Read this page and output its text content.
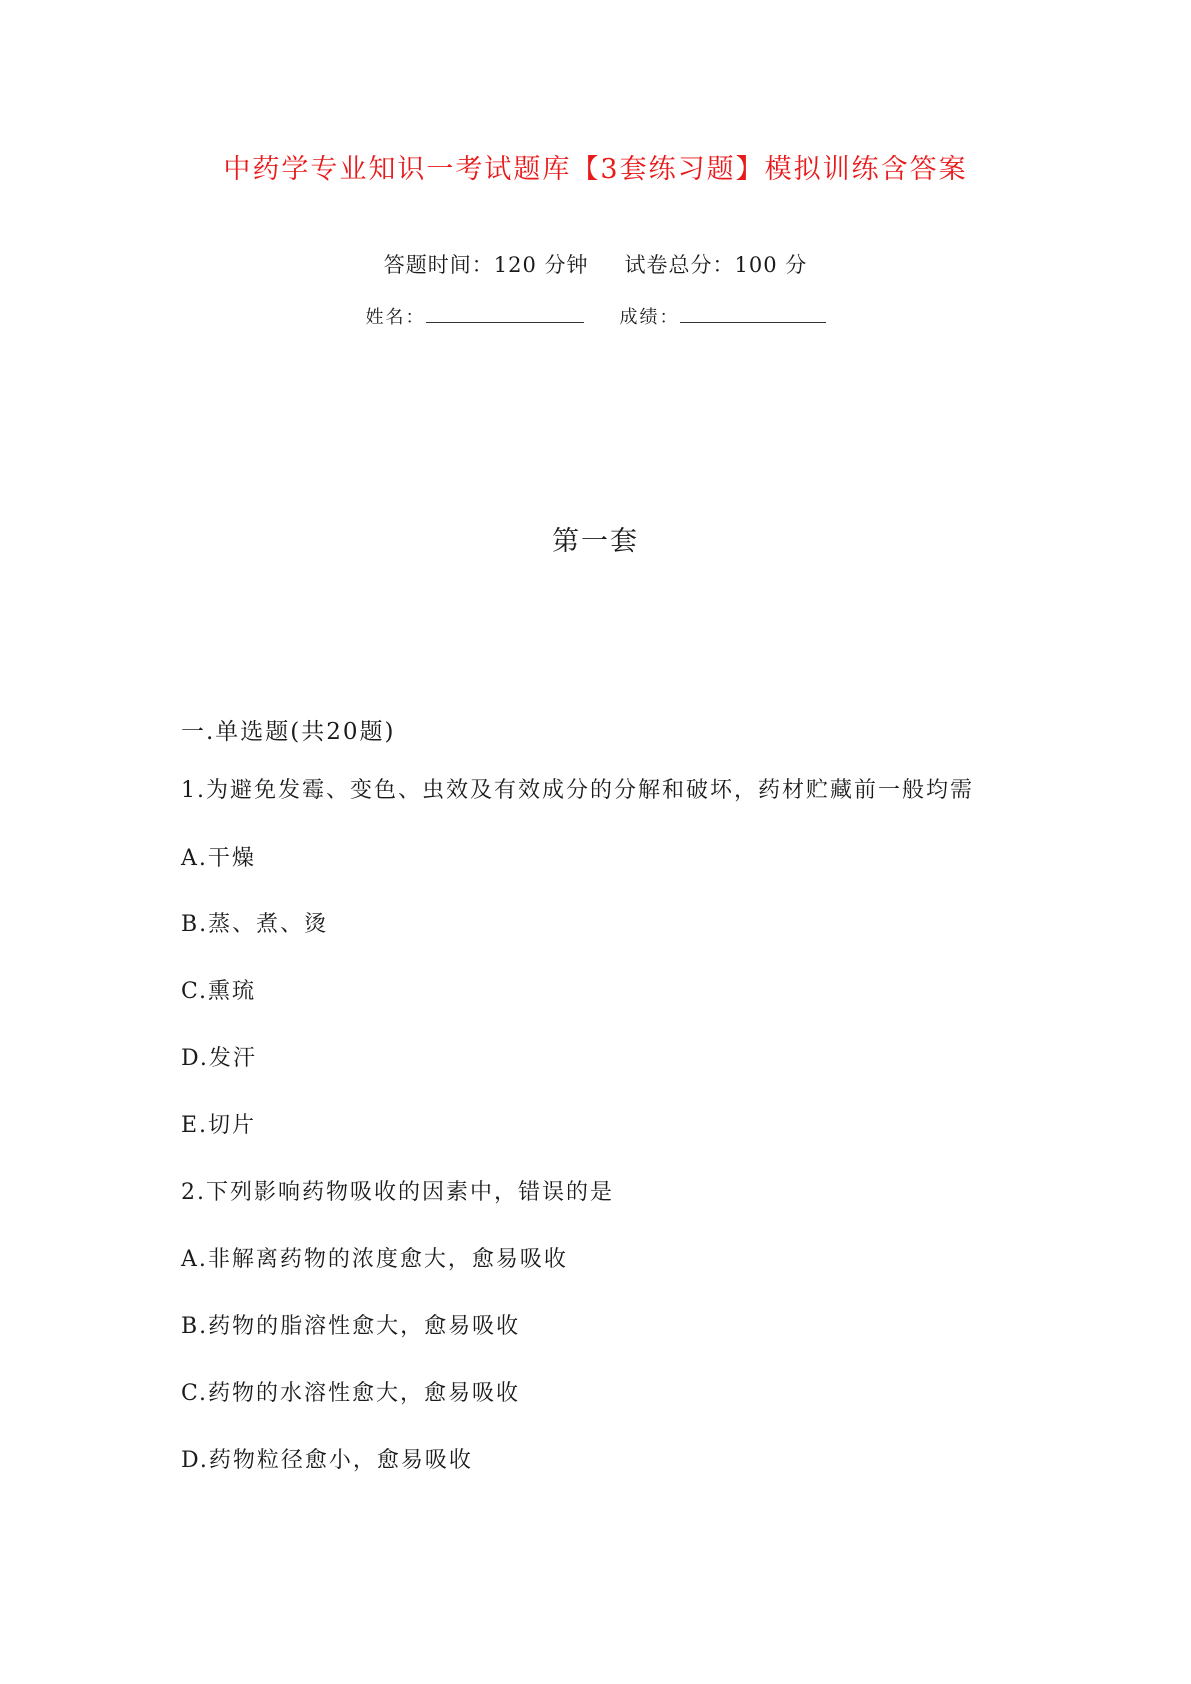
中药学专业知识一考试题库【3套练习题】模拟训练含答案
答题时间：120 分钟 试卷总分：100 分
姓名：	成绩：
第一套
一.单选题(共20题)
1.为避免发霉、变色、虫效及有效成分的分解和破坏，药材贮藏前一般均需
A.干燥
B.蒸、煮、烫
C.熏琉
D.发汗
E.切片
2.下列影响药物吸收的因素中，错误的是
A.非解离药物的浓度愈大，愈易吸收
B.药物的脂溶性愈大，愈易吸收
C.药物的水溶性愈大，愈易吸收
D.药物粒径愈小，愈易吸收
